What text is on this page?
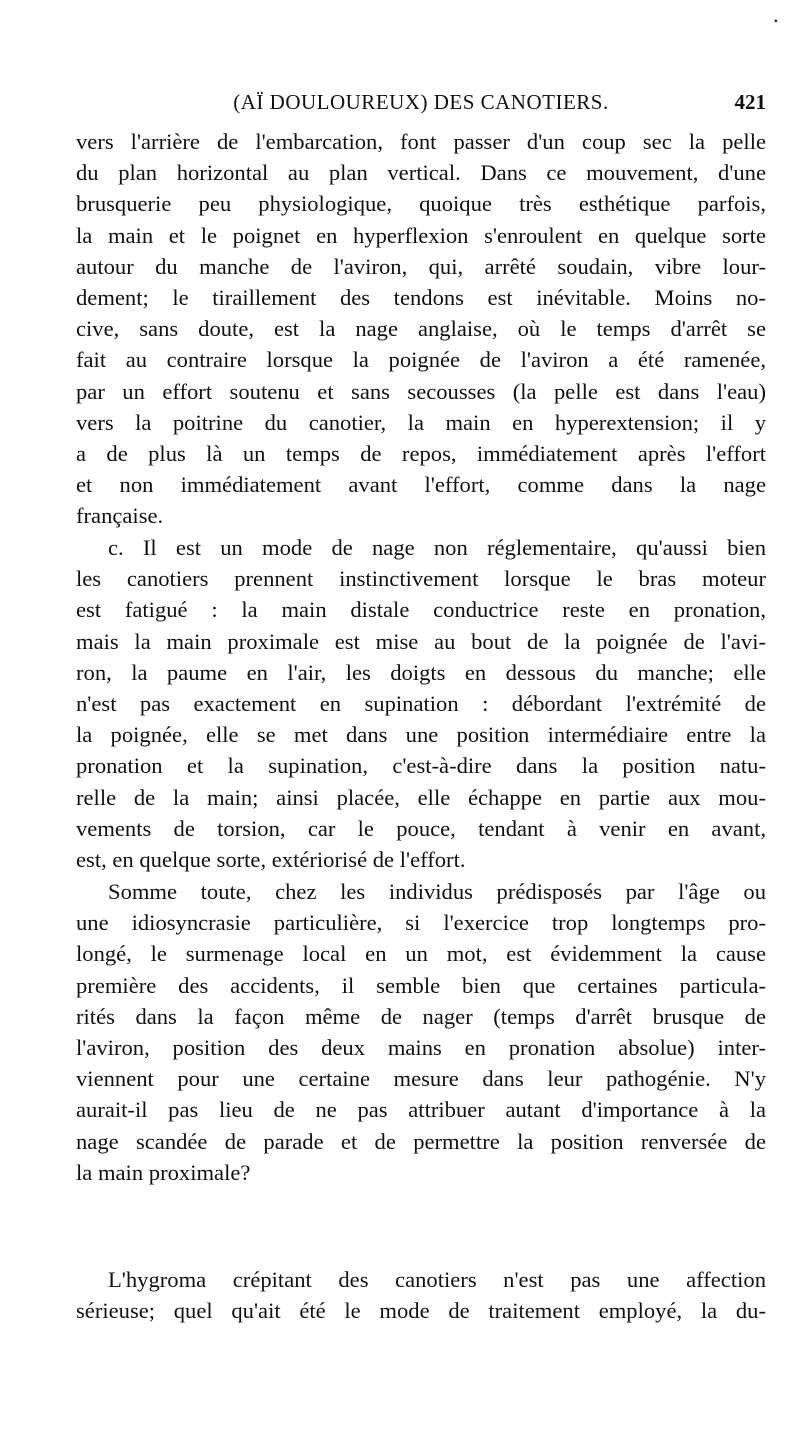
•
(AÏ DOULOUREUX) DES CANOTIERS.	421
vers l'arrière de l'embarcation, font passer d'un coup sec la pelle
du plan horizontal au plan vertical. Dans ce mouvement, d'une
brusquerie peu physiologique, quoique très esthétique parfois,
la main et le poignet en hyperflexion s'enroulent en quelque sorte
autour du manche de l'aviron, qui, arrêté soudain, vibre lour-
dement; le tiraillement des tendons est inévitable. Moins no-
cive, sans doute, est la nage anglaise, où le temps d'arrêt se
fait au contraire lorsque la poignée de l'aviron a été ramenée,
par un effort soutenu et sans secousses (la pelle est dans l'eau)
vers la poitrine du canotier, la main en hyperextension; il y
a de plus là un temps de repos, immédiatement après l'effort
et non immédiatement avant l'effort, comme dans la nage
française.
c. Il est un mode de nage non réglementaire, qu'aussi bien
les canotiers prennent instinctivement lorsque le bras moteur
est fatigué : la main distale conductrice reste en pronation,
mais la main proximale est mise au bout de la poignée de l'avi-
ron, la paume en l'air, les doigts en dessous du manche; elle
n'est pas exactement en supination : débordant l'extrémité de
la poignée, elle se met dans une position intermédiaire entre la
pronation et la supination, c'est-à-dire dans la position natu-
relle de la main; ainsi placée, elle échappe en partie aux mou-
vements de torsion, car le pouce, tendant à venir en avant,
est, en quelque sorte, extériorisé de l'effort.
Somme toute, chez les individus prédisposés par l'âge ou
une idiosyncrasie particulière, si l'exercice trop longtemps pro-
longé, le surmenage local en un mot, est évidemment la cause
première des accidents, il semble bien que certaines particula-
rités dans la façon même de nager (temps d'arrêt brusque de
l'aviron, position des deux mains en pronation absolue) inter-
viennent pour une certaine mesure dans leur pathogénie. N'y
aurait-il pas lieu de ne pas attribuer autant d'importance à la
nage scandée de parade et de permettre la position renversée de
la main proximale?
L'hygroma crépitant des canotiers n'est pas une affection
sérieuse; quel qu'ait été le mode de traitement employé, la du-
